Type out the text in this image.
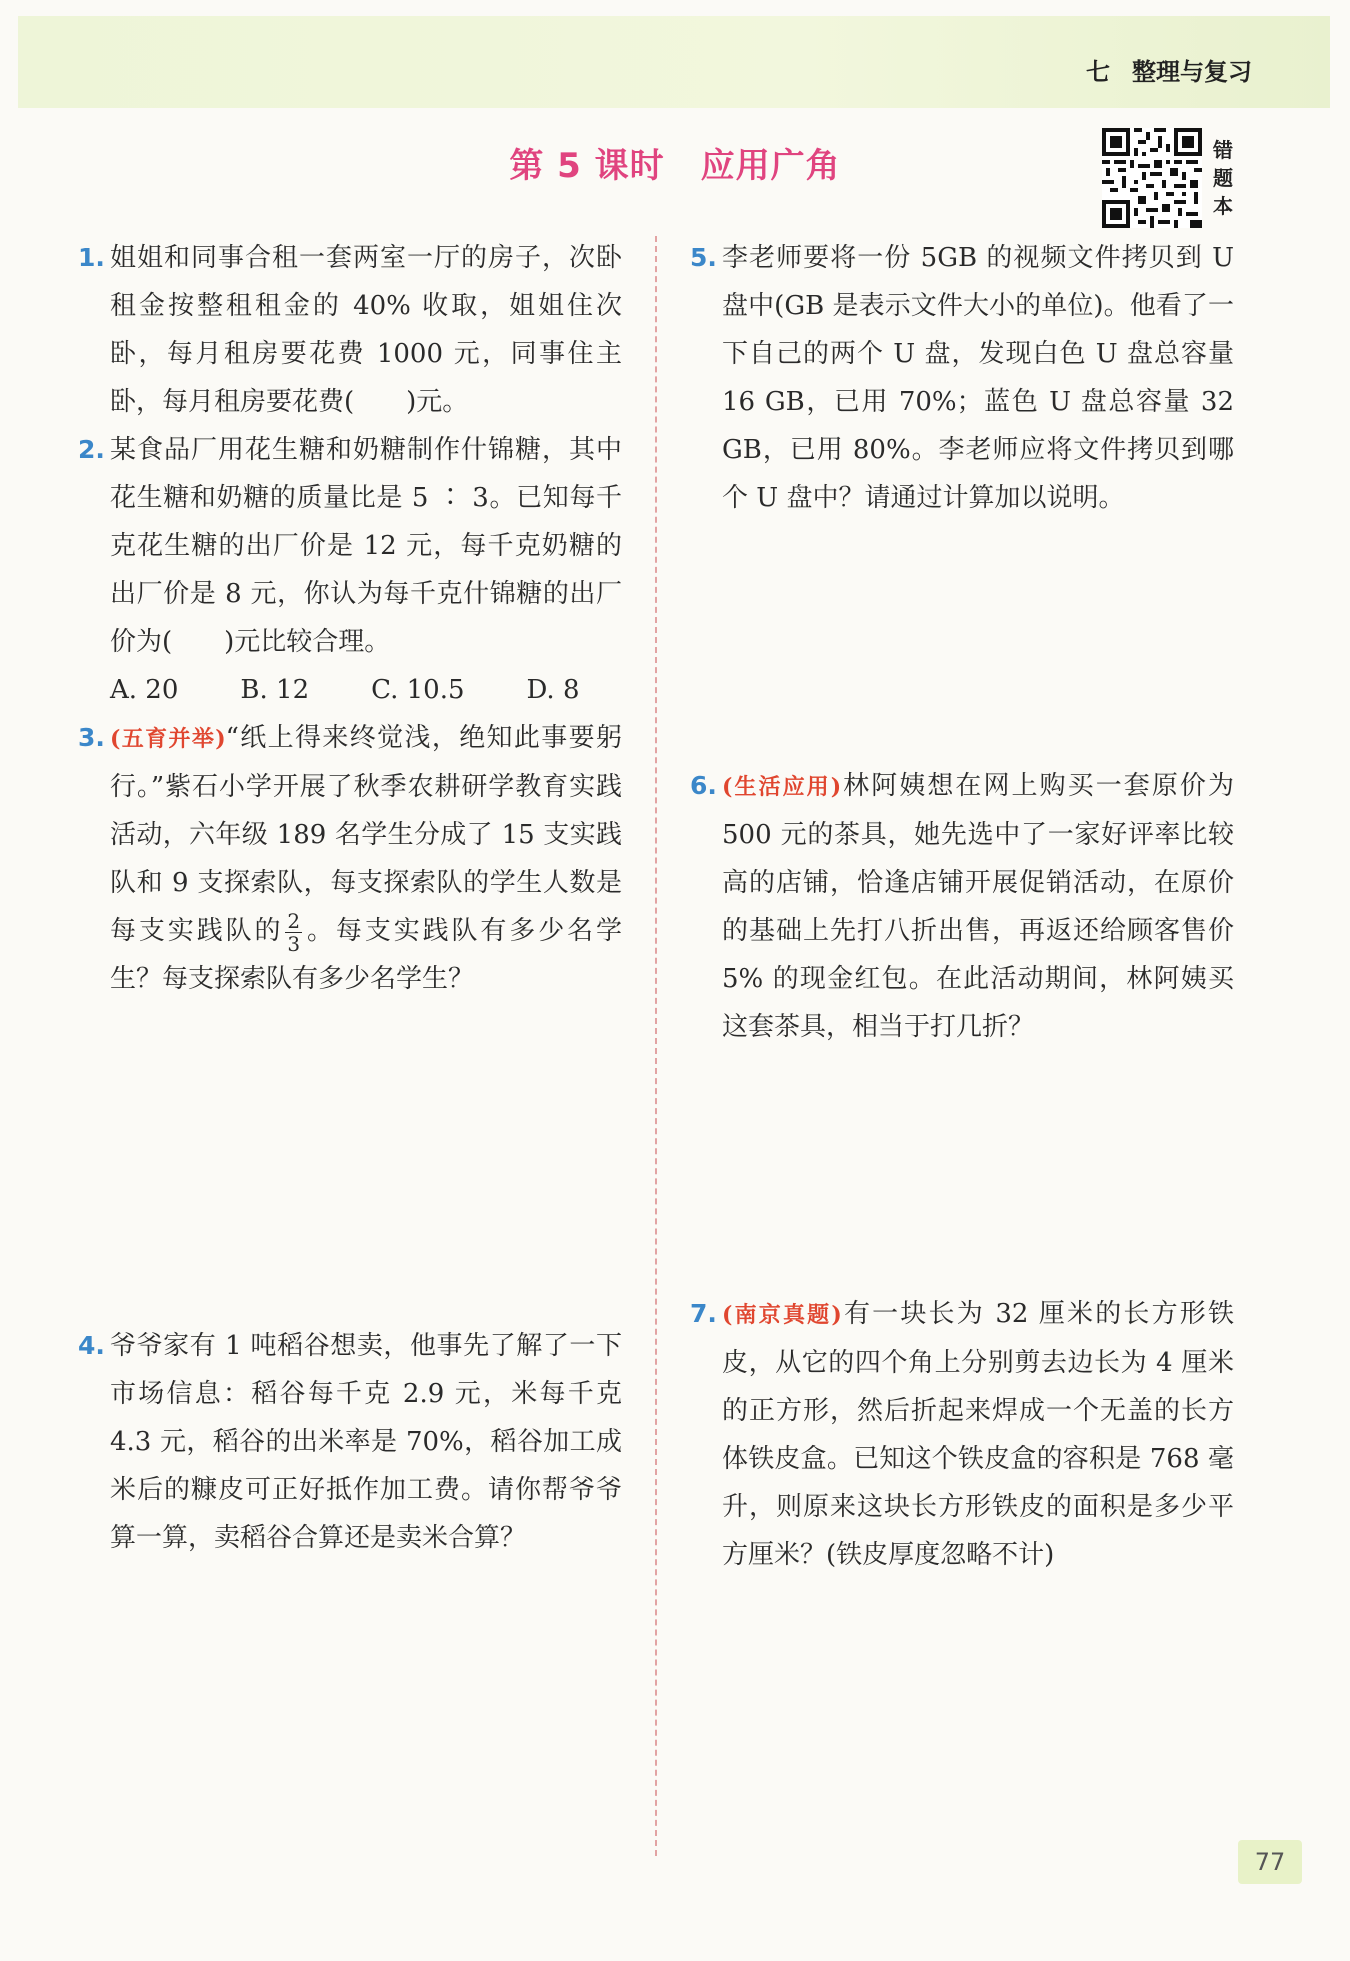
七 整理与复习
第 5 课时 应用广角	错题本
1. 姐姐和同事合租一套两室一厅的房子，次卧租金按整租租金的 40% 收取，姐姐住次卧，每月租房要花费 1000 元，同事住主卧，每月租房要花费(　　)元。
2. 某食品厂用花生糖和奶糖制作什锦糖，其中花生糖和奶糖的质量比是 5 ∶ 3。已知每千克花生糖的出厂价是 12 元，每千克奶糖的出厂价是 8 元，你认为每千克什锦糖的出厂价为(　　)元比较合理。
A. 20 B. 12 C. 10.5 D. 8
3. (五育并举)“纸上得来终觉浅，绝知此事要躬行。”紫石小学开展了秋季农耕研学教育实践活动，六年级 189 名学生分成了 15 支实践队和 9 支探索队，每支探索队的学生人数是每支实践队的 $\frac{2}{3}$ 。每支实践队有多少名学生？每支探索队有多少名学生？
4. 爷爷家有 1 吨稻谷想卖，他事先了解了一下市场信息：稻谷每千克 2.9 元，米每千克 4.3 元，稻谷的出米率是 70%，稻谷加工成米后的糠皮可正好抵作加工费。请你帮爷爷算一算，卖稻谷合算还是卖米合算？
5. 李老师要将一份 5GB 的视频文件拷贝到 U 盘中(GB 是表示文件大小的单位)。他看了一下自己的两个 U 盘，发现白色 U 盘总容量 16 GB，已用 70%；蓝色 U 盘总容量 32 GB，已用 80%。李老师应将文件拷贝到哪个 U 盘中？请通过计算加以说明。
6. (生活应用)林阿姨想在网上购买一套原价为 500 元的茶具，她先选中了一家好评率比较高的店铺，恰逢店铺开展促销活动，在原价的基础上先打八折出售，再返还给顾客售价 5% 的现金红包。在此活动期间，林阿姨买这套茶具，相当于打几折？
7. (南京真题)有一块长为 32 厘米的长方形铁皮，从它的四个角上分别剪去边长为 4 厘米的正方形，然后折起来焊成一个无盖的长方体铁皮盒。已知这个铁皮盒的容积是 768 毫升，则原来这块长方形铁皮的面积是多少平方厘米？(铁皮厚度忽略不计)
77
